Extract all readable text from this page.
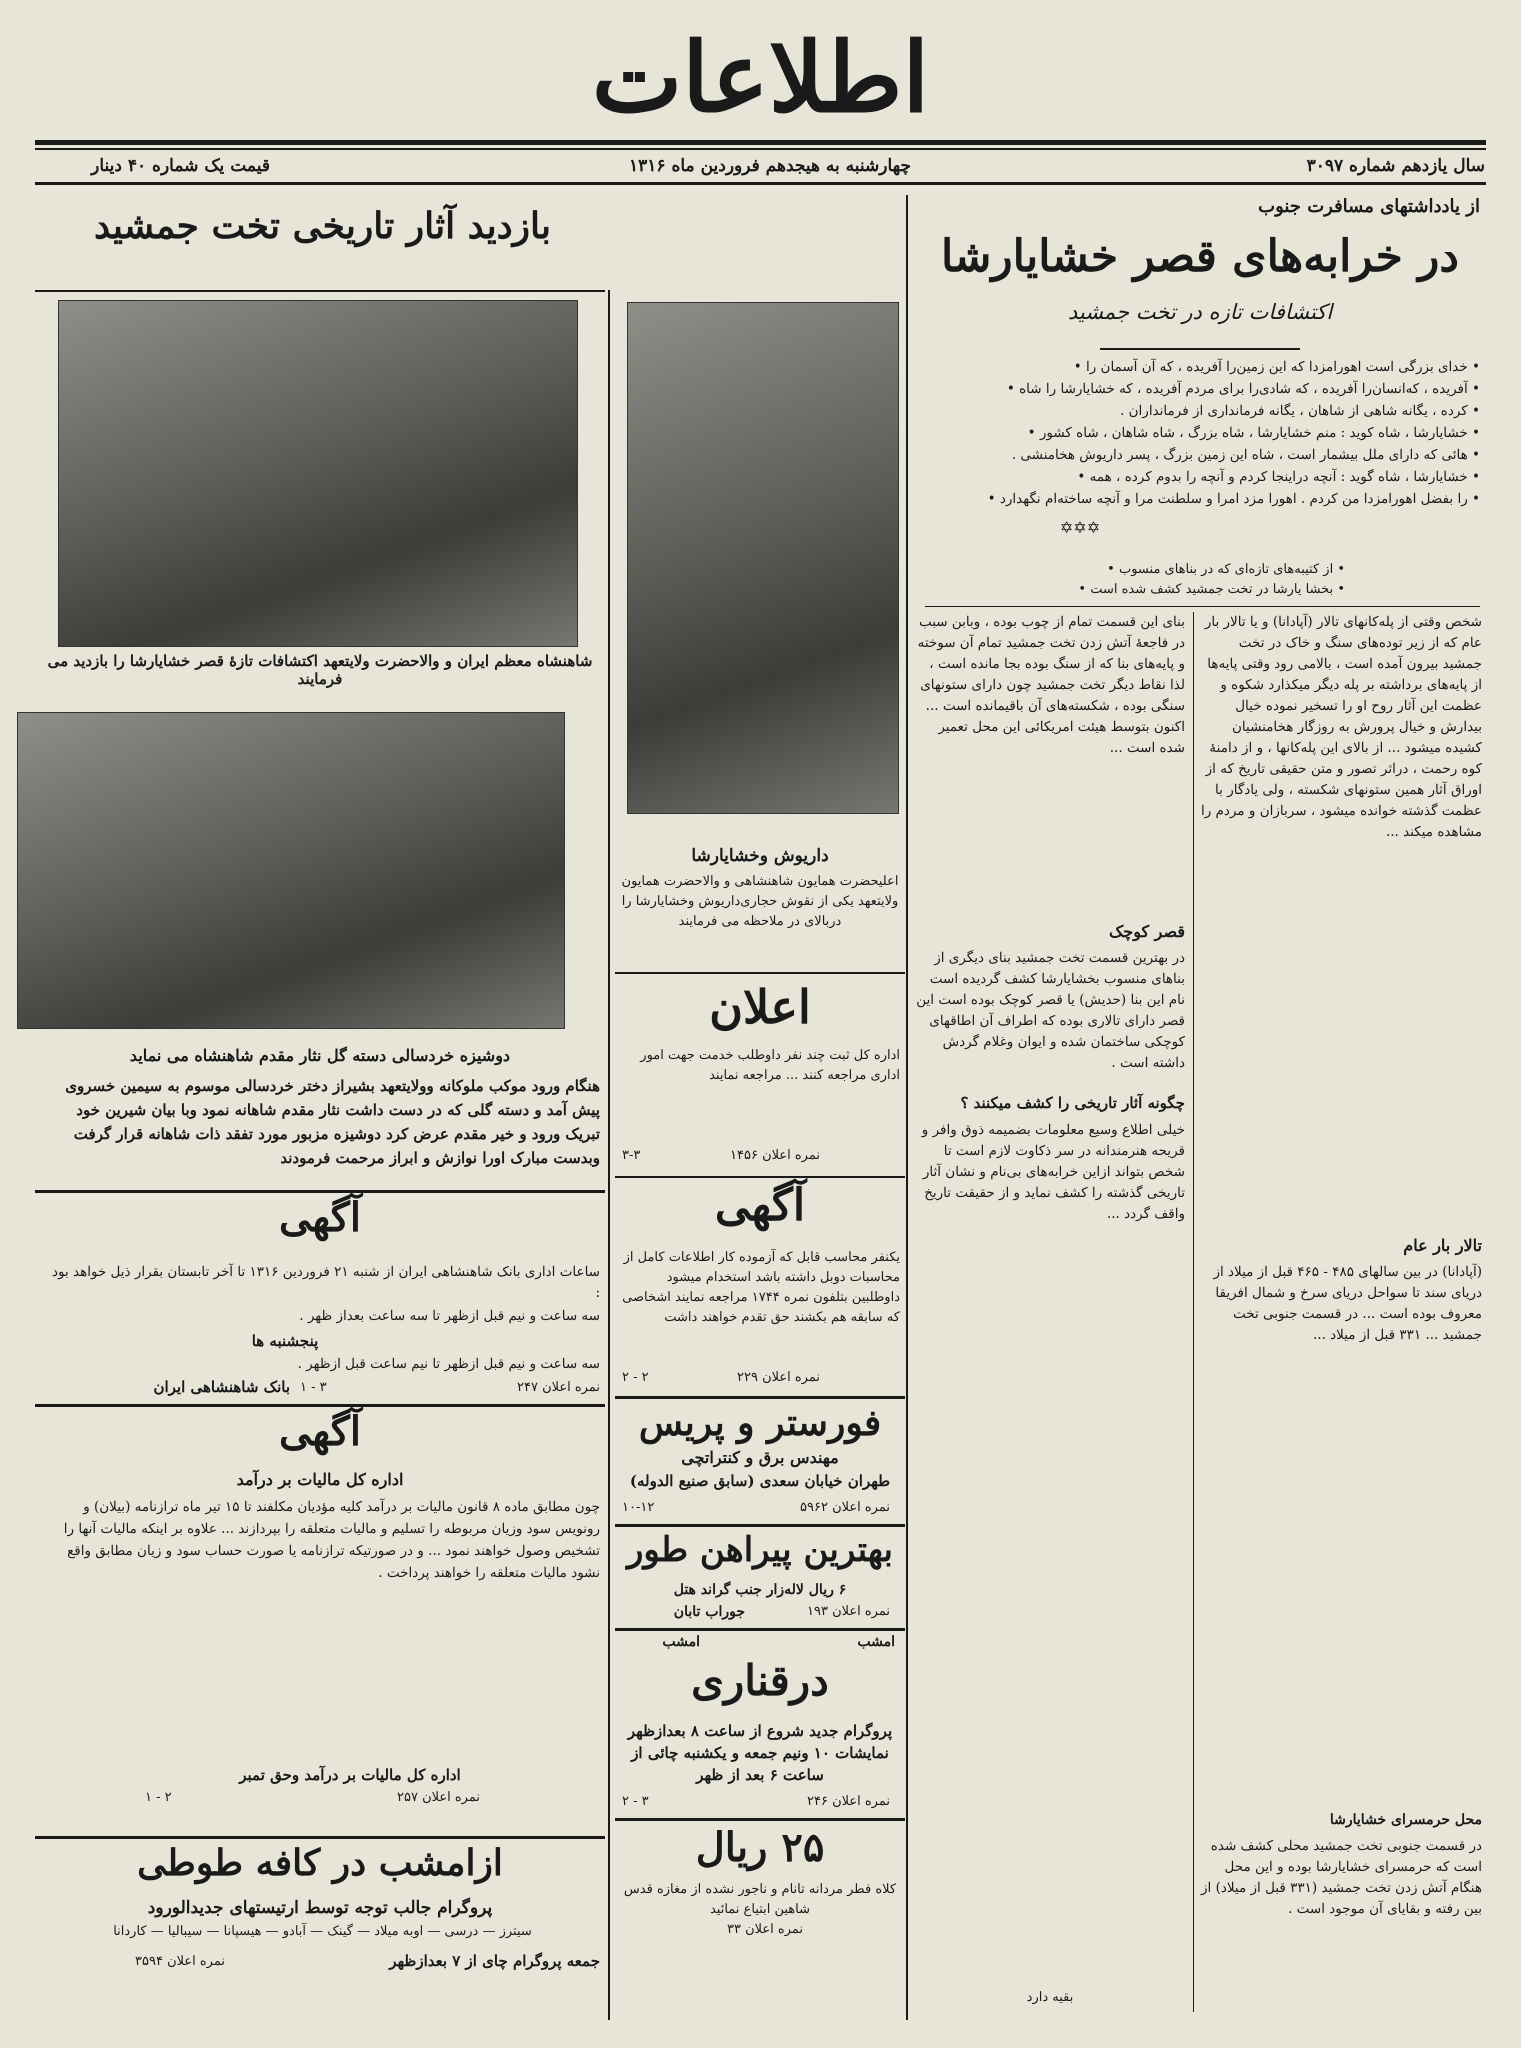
اطلاعات
سال یازدهم شماره ۳۰۹۷
چهارشنبه به هیجدهم فروردین ماه ۱۳۱۶
قیمت یک شماره ۴۰ دینار
از یادداشتهای مسافرت جنوب
در خرابه‌های قصر خشایارشا
اکتشافات تازه در تخت جمشید
• خدای بزرگی است اهورامزدا که این زمین‌را آفریده ، که آن آسمان را •
• آفریده ، که‌انسان‌را آفریده ، که شادی‌را برای مردم آفریده ، که خشایارشا را شاه •
• کرده ، یگانه شاهی از شاهان ، یگانه فرمانداری از فرمانداران .
• خشایارشا ، شاه کوید : منم خشایارشا ، شاه بزرگ ، شاه شاهان ، شاه کشور •
• هائی که دارای ملل بیشمار است ، شاه این زمین بزرگ ، پسر داریوش هخامنشی .
• خشایارشا ، شاه گوید : آنچه دراینجا کردم و آنچه را بدوم کرده ، همه •
• را بفضل اهورامزدا من کردم . اهورا مزد امرا و سلطنت مرا و آنچه ساخته‌ام نگهدارد •
✡✡✡
• از کتیبه‌های تازه‌ای که در بناهای منسوب •
• بخشا یارشا در تخت جمشید کشف شده است •
شخص وقتی از پله‌کانهای تالار (آپادانا) و یا تالار بار عام که از زیر توده‌های سنگ و خاک در تخت جمشید بیرون آمده است ، بالامی رود وقتی پایه‌ها از پایه‌های برداشته بر پله دیگر میکذارد شکوه و عظمت این آثار روح او را تسخیر نموده خیال بیدارش و خیال پرورش به روزگار هخامنشیان کشیده میشود ... از بالای این پله‌کانها ، و از دامنهٔ کوه رحمت ، دراثر تصور و متن حقیقی تاریخ که از اوراق آثار همین ستونهای شکسته ، ولی یادگار با عظمت گذشته خوانده میشود ، سربازان و مردم را مشاهده میکند ...
بنای این قسمت تمام از چوب بوده ، وبابن سبب در فاجعهٔ آتش زدن تخت جمشید تمام آن سوخته و پایه‌های بنا که از سنگ بوده بجا مانده است ، لذا نقاط دیگر تخت جمشید چون دارای ستونهای سنگی بوده ، شکسته‌های آن باقیمانده است ... اکنون بتوسط هیئت امریکائی این محل تعمیر شده است ...
قصر کوچک
در بهترین قسمت تخت جمشید بنای دیگری از بناهای منسوب بخشایارشا کشف گردیده است نام این بنا (حدیش) یا قصر کوچک بوده است این قصر دارای تالاری بوده که اطراف آن اطاقهای کوچکی ساختمان شده و ایوان وغلام گردش داشته است .
چگونه آثار تاریخی را کشف میکنند ؟
خیلی اطلاع وسیع معلومات بضمیمه ذوق وافر و قریحه هنرمندانه در سر ذکاوت لازم است تا شخص بتواند ازاین خرابه‌های بی‌نام و نشان آثار تاریخی گذشته را کشف نماید و از حقیقت تاریخ واقف گردد ...
تالار بار عام
(آپادانا) در بین سالهای ۴۸۵ - ۴۶۵ قبل از میلاد از دریای سند تا سواحل دریای سرخ و شمال افریقا معروف بوده است ... در قسمت جنوبی تخت جمشید ... ۳۳۱ قبل از میلاد ...
محل حرمسرای خشایارشا
در قسمت جنوبی تخت جمشید محلی کشف شده است که حرمسرای خشایارشا بوده و این محل هنگام آتش زدن تخت جمشید (۳۳۱ قبل از میلاد) از بین رفته و بقایای آن موجود است .
بقیه دارد
داریوش وخشایارشا
اعلیحضرت همایون شاهنشاهی و والاحضرت همایون ولایتعهد یکی از نقوش حجاری‌داریوش وخشایارشا را دربالای در ملاحظه می فرمایند
اعلان
اداره کل ثبت چند نفر داوطلب خدمت جهت امور اداری مراجعه کنند ... مراجعه نمایند
نمره اعلان ۱۴۵۶
۳-۳
آگهی
یکنفر محاسب قابل که آزموده کار اطلاعات کامل از محاسبات دوبل داشته باشد استخدام میشود داوطلبین بتلفون نمره ۱۷۴۴ مراجعه نمایند اشخاصی که سابقه هم بکشند حق تقدم خواهند داشت
نمره اعلان ۲۲۹
۲ - ۲
فورستر و پریس
مهندس برق و کنتراتچی
طهران خیابان سعدی (سابق صنیع الدوله)
نمره اعلان ۵۹۶۲
۱۰-۱۲
بهترین پیراهن طور
۶ ریال لاله‌زار جنب گراند هتل
نمره اعلان ۱۹۳
جوراب تابان
امشب
امشب
درقناری
پروگرام جدید شروع از ساعت ۸ بعدازظهر نمایشات ۱۰ ونیم جمعه و یکشنبه چائی از ساعت ۶ بعد از ظهر
نمره اعلان ۲۴۶
۲ - ۳
۲۵ ریال
کلاه فطر مردانه تانام و ناجور نشده از مغازه قدس شاهین ابتیاع نمائید
نمره اعلان ۳۳
بازدید آثار تاریخی تخت جمشید
شاهنشاه معظم ایران و والاحضرت ولایتعهد اکتشافات تازهٔ قصر خشایارشا را بازدید می فرمایند
دوشیزه خردسالی دسته گل نثار مقدم شاهنشاه می نماید
هنگام ورود موکب ملوکانه وولایتعهد بشیراز دختر خردسالی موسوم به سیمین خسروی پیش آمد و دسته گلی که در دست داشت نثار مقدم شاهانه نمود وبا بیان شیرین خود تبریک ورود و خیر مقدم عرض کرد دوشیزه مزبور مورد تفقد ذات شاهانه قرار گرفت وبدست مبارک اورا نوازش و ابراز مرحمت فرمودند
آگهی
ساعات اداری بانک شاهنشاهی ایران از شنبه ۲۱ فروردین ۱۳۱۶ تا آخر تابستان بقرار ذیل خواهد بود :
سه ساعت و نیم قبل ازظهر تا سه ساعت بعداز ظهر .
پنجشنبه ها
سه ساعت و نیم قبل ازظهر تا نیم ساعت قبل ازظهر .
نمره اعلان ۲۴۷
۱ - ۳
بانک شاهنشاهی ایران
آگهی
اداره کل مالیات بر درآمد
چون مطابق ماده ۸ قانون مالیات بر درآمد کلیه مؤدیان مکلفند تا ۱۵ تیر ماه ترازنامه (بیلان) و رونویس سود وزیان مربوطه را تسلیم و مالیات متعلقه را بپردازند ... علاوه بر اینکه مالیات آنها را تشخیص وصول خواهند نمود ... و در صورتیکه ترازنامه یا صورت حساب سود و زیان مطابق واقع نشود مالیات متعلقه را خواهند پرداخت .
اداره کل مالیات بر درآمد وحق تمبر
نمره اعلان ۲۵۷
۱ - ۲
ازامشب در کافه طوطی
پروگرام جالب توجه توسط ارتیستهای جدیدالورود
سیترز — درسی — اوبه میلاد — گینک — آبادو — هیسپانا — سیبالیا — کاردانا
جمعه پروگرام چای از ۷ بعدازظهر
نمره اعلان ۳۵۹۴
